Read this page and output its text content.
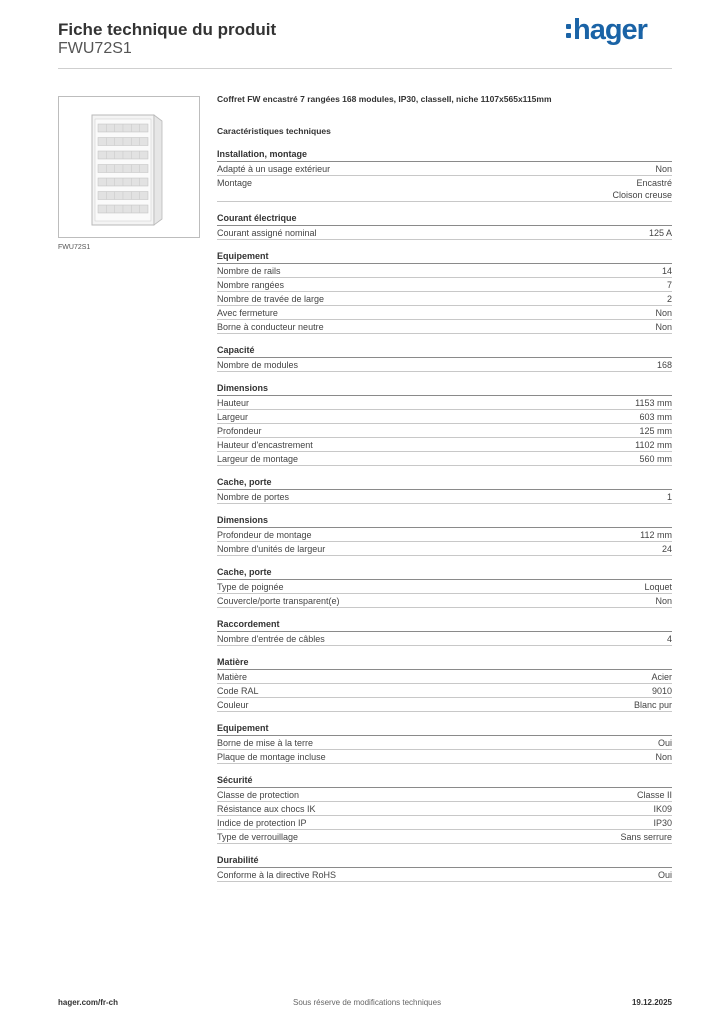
Fiche technique du produit
FWU72S1
hager
FWU72S1
Coffret FW encastré 7 rangées 168 modules, IP30, classeII, niche 1107x565x115mm
Caractéristiques techniques
Installation, montage
Adapté à un usage extérieur	Non
Montage	Encastré
Cloison creuse
Courant électrique
Courant assigné nominal	125 A
Equipement
Nombre de rails	14
Nombre rangées	7
Nombre de travée de large	2
Avec fermeture	Non
Borne à conducteur neutre	Non
Capacité
Nombre de modules	168
Dimensions
Hauteur	1153 mm
Largeur	603 mm
Profondeur	125 mm
Hauteur d'encastrement	1102 mm
Largeur de montage	560 mm
Cache, porte
Nombre de portes	1
Dimensions
Profondeur de montage	112 mm
Nombre d'unités de largeur	24
Cache, porte
Type de poignée	Loquet
Couvercle/porte transparent(e)	Non
Raccordement
Nombre d'entrée de câbles	4
Matière
Matière	Acier
Code RAL	9010
Couleur	Blanc pur
Equipement
Borne de mise à la terre	Oui
Plaque de montage incluse	Non
Sécurité
Classe de protection	Classe II
Résistance aux chocs IK	IK09
Indice de protection IP	IP30
Type de verrouillage	Sans serrure
Durabilité
Conforme à la directive RoHS	Oui
hager.com/fr-ch	Sous réserve de modifications techniques	19.12.2025
